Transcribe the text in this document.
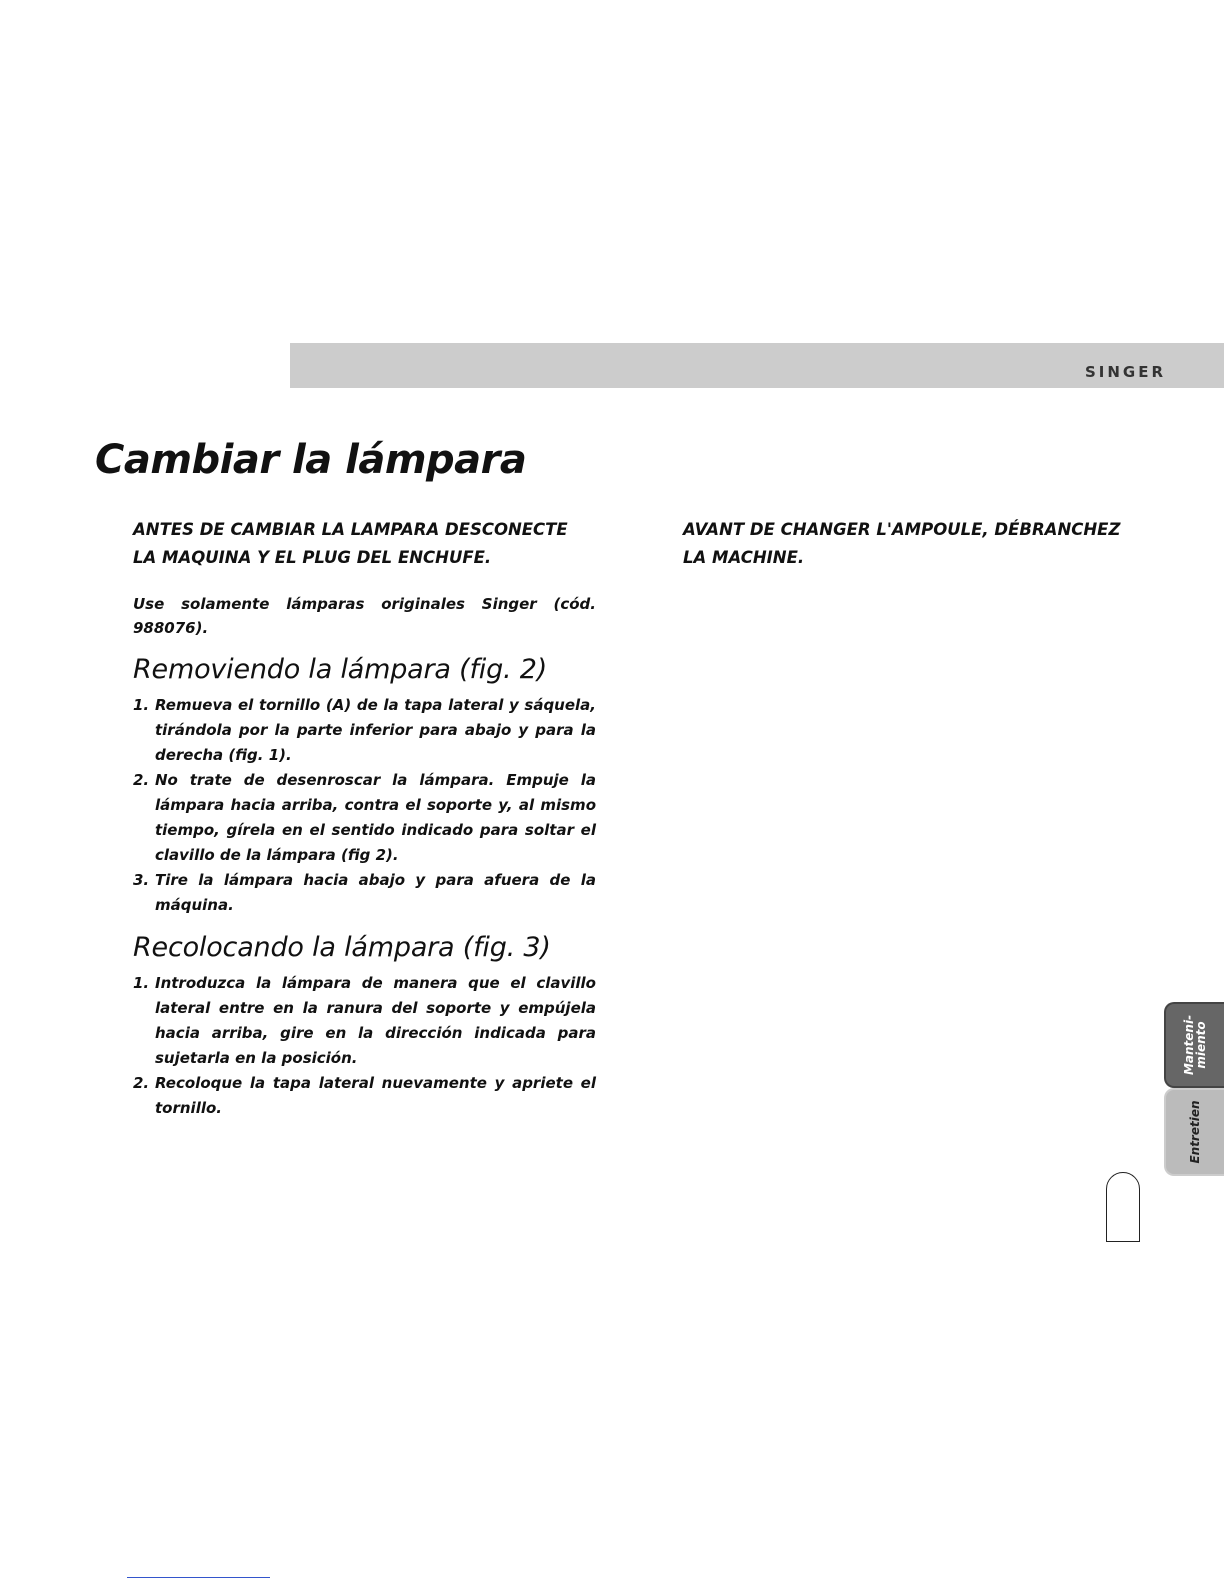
SINGER
Cambiar la lámpara

ANTES DE CAMBIAR LA LAMPARA DESCONECTE
LA MAQUINA Y EL PLUG DEL ENCHUFE.

Use solamente lámparas originales Singer (cód. 988076).

Removiendo la lámpara (fig. 2)
1. Remueva el tornillo (A) de la tapa lateral y sáquela, tirándola por la parte inferior para abajo y para la derecha (fig. 1).
2. No trate de desenroscar la lámpara. Empuje la lámpara hacia arriba, contra el soporte y, al mismo tiempo, gírela en el sentido indicado para soltar el clavillo de la lámpara (fig 2).
3. Tire la lámpara hacia abajo y para afuera de la máquina.
Recolocando la lámpara (fig. 3)
1. Introduzca la lámpara de manera que el clavillo lateral entre en la ranura del soporte y empújela hacia arriba, gire en la dirección indicada para sujetarla en la posición.
2. Recoloque la tapa lateral nuevamente y apriete el tornillo.

AVANT DE CHANGER L'AMPOULE, DÉBRANCHEZ
LA MACHINE.

Manteni-
miento
Entretien
